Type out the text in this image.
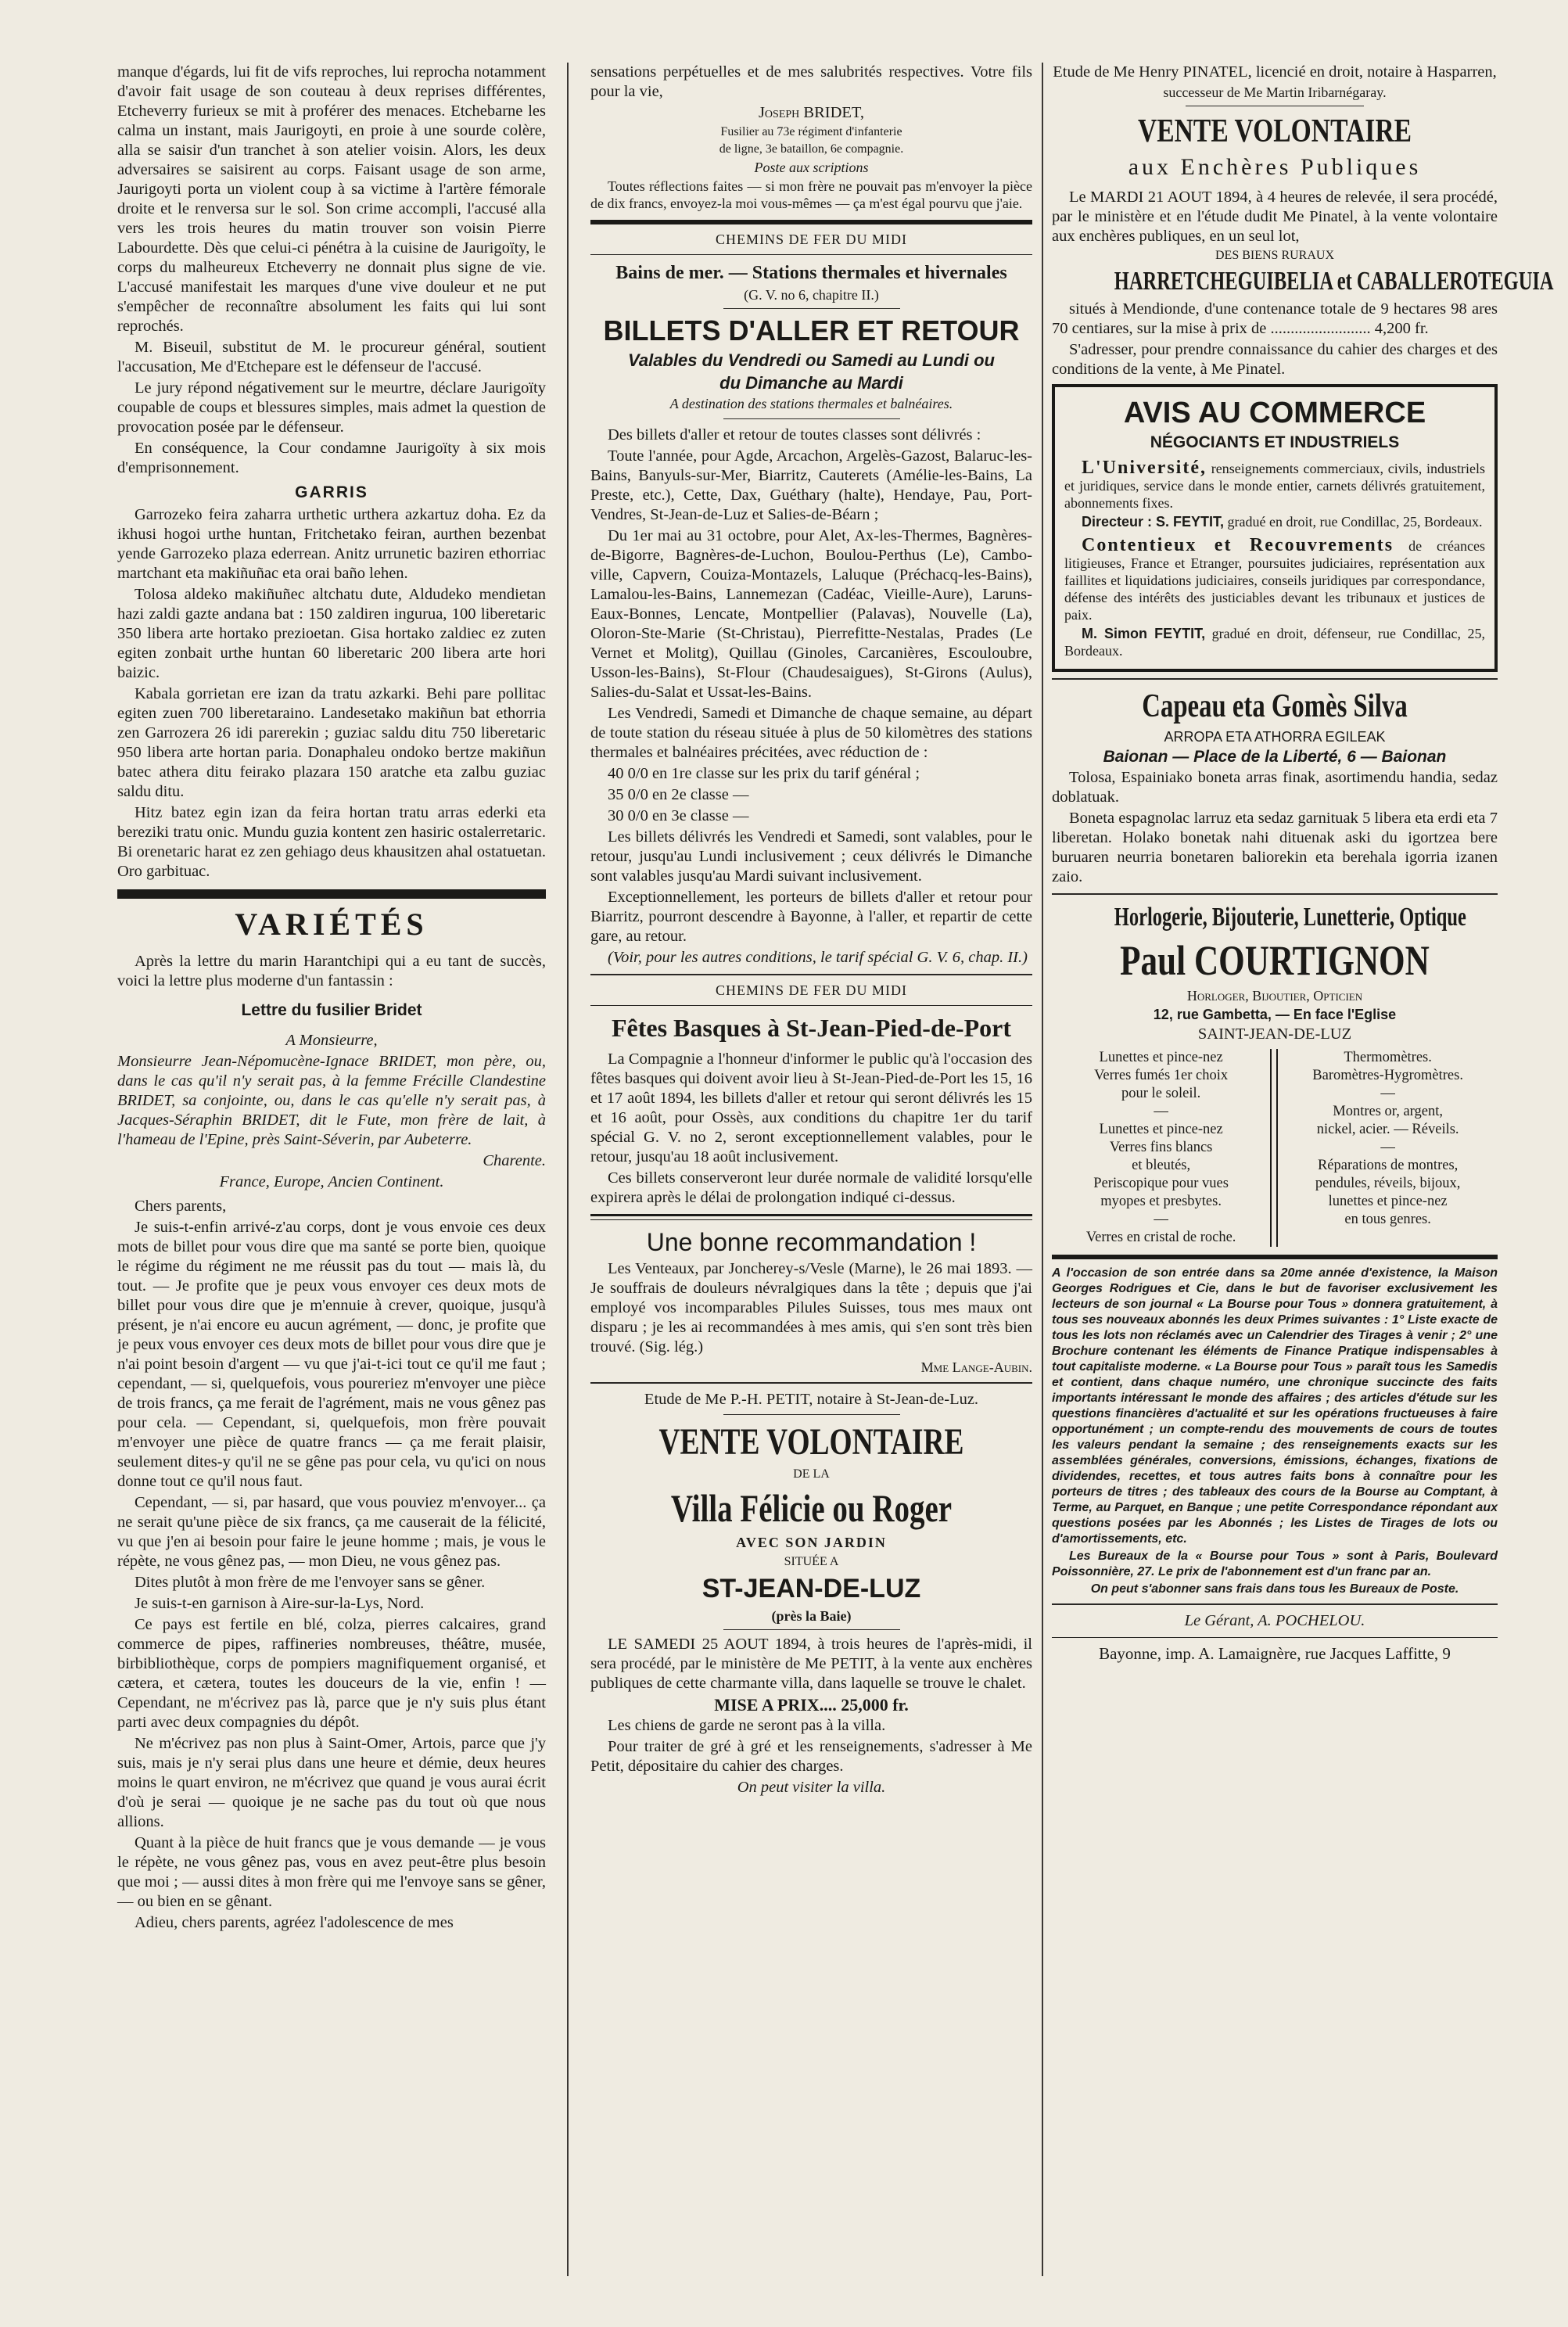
manque d'égards, lui fit de vifs reproches, lui reprocha notamment d'avoir fait usage de son couteau à deux reprises différentes, Etcheverry furieux se mit à proférer des menaces. Etchebarne les calma un instant, mais Jaurigoyti, en proie à une sourde colère, alla se saisir d'un tranchet à son atelier voisin. Alors, les deux adversaires se saisirent au corps. Faisant usage de son arme, Jaurigoyti porta un violent coup à sa victime à l'artère fémorale droite et le renversa sur le sol. Son crime accompli, l'accusé alla vers les trois heures du matin trouver son voisin Pierre Labourdette. Dès que celui-ci pénétra à la cuisine de Jaurigoïty, le corps du malheureux Etcheverry ne donnait plus signe de vie. L'accusé manifestait les marques d'une vive douleur et ne put s'empêcher de reconnaître absolument les faits qui lui sont reprochés.

M. Biseuil, substitut de M. le procureur général, soutient l'accusation, Me d'Etchepare est le défenseur de l'accusé.

Le jury répond négativement sur le meurtre, déclare Jaurigoïty coupable de coups et blessures simples, mais admet la question de provocation posée par le défenseur.

En conséquence, la Cour condamne Jaurigoïty à six mois d'emprisonnement.

GARRIS

Garrozeko feira zaharra urthetic urthera azkartuz doha. Ez da ikhusi hogoi urthe huntan, Fritchetako feiran, aurthen bezenbat yende Garrozeko plaza ederrean. Anitz urrunetic baziren ethorriac martchant eta makiñuñac eta orai baño lehen.

Tolosa aldeko makiñuñec altchatu dute, Aldudeko mendietan hazi zaldi gazte andana bat : 150 zaldiren ingurua, 100 liberetaric 350 libera arte hortako prezioetan. Gisa hortako zaldiec ez zuten egiten zonbait urthe huntan 60 liberetaric 200 libera arte hori baizic.

Kabala gorrietan ere izan da tratu azkarki. Behi pare pollitac egiten zuen 700 liberetaraino. Landesetako makiñun bat ethorria zen Garrozera 26 idi parerekin ; guziac saldu ditu 750 liberetaric 950 libera arte hortan paria. Donaphaleu ondoko bertze makiñun batec athera ditu feirako plazara 150 aratche eta zalbu guziac saldu ditu.

Hitz batez egin izan da feira hortan tratu arras ederki eta bereziki tratu onic. Mundu guzia kontent zen hasiric ostalerretaric. Bi orenetaric harat ez zen gehiago deus khausitzen ahal ostatuetan. Oro garbituac.

VARIÉTÉS

Après la lettre du marin Harantchipi qui a eu tant de succès, voici la lettre plus moderne d'un fantassin :

Lettre du fusilier Bridet

A Monsieurre,

Monsieurre Jean-Népomucène-Ignace BRIDET, mon père, ou, dans le cas qu'il n'y serait pas, à la femme Frécille Clandestine BRIDET, sa conjointe, ou, dans le cas qu'elle n'y serait pas, à Jacques-Séraphin BRIDET, dit le Fute, mon frère de lait, à l'hameau de l'Epine, près Saint-Séverin, par Aubeterre.

Charente.

France, Europe, Ancien Continent.

Chers parents,

Je suis-t-enfin arrivé-z'au corps, dont je vous envoie ces deux mots de billet pour vous dire que ma santé se porte bien, quoique le régime du régiment ne me réussit pas du tout — mais là, du tout. — Je profite que je peux vous envoyer ces deux mots de billet pour vous dire que je m'ennuie à crever, quoique, jusqu'à présent, je n'ai encore eu aucun agrément, — donc, je profite que je peux vous envoyer ces deux mots de billet pour vous dire que je n'ai point besoin d'argent — vu que j'ai-t-ici tout ce qu'il me faut ; cependant, — si, quelquefois, vous poureriez m'envoyer une pièce de trois francs, ça me ferait de l'agrément, mais ne vous gênez pas pour cela. — Cependant, si, quelquefois, mon frère pouvait m'envoyer une pièce de quatre francs — ça me ferait plaisir, seulement dites-y qu'il ne se gêne pas pour cela, vu qu'ici on nous donne tout ce qu'il nous faut.

Cependant, — si, par hasard, que vous pouviez m'envoyer... ça ne serait qu'une pièce de six francs, ça me causerait de la félicité, vu que j'en ai besoin pour faire le jeune homme ; mais, je vous le répète, ne vous gênez pas, — mon Dieu, ne vous gênez pas.

Dites plutôt à mon frère de me l'envoyer sans se gêner.

Je suis-t-en garnison à Aire-sur-la-Lys, Nord.

Ce pays est fertile en blé, colza, pierres calcaires, grand commerce de pipes, raffineries nombreuses, théâtre, musée, birbibliothèque, corps de pompiers magnifiquement organisé, et cætera, et cætera, toutes les douceurs de la vie, enfin ! — Cependant, ne m'écrivez pas là, parce que je n'y suis plus étant parti avec deux compagnies du dépôt.

Ne m'écrivez pas non plus à Saint-Omer, Artois, parce que j'y suis, mais je n'y serai plus dans une heure et démie, deux heures moins le quart environ, ne m'écrivez que quand je vous aurai écrit d'où je serai — quoique je ne sache pas du tout où que nous allions.

Quant à la pièce de huit francs que je vous demande — je vous le répète, ne vous gênez pas, vous en avez peut-être plus besoin que moi ; — aussi dites à mon frère qui me l'envoye sans se gêner, — ou bien en se gênant.

Adieu, chers parents, agréez l'adolescence de mes

sensations perpétuelles et de mes salubrités respectives. Votre fils pour la vie,

Joseph BRIDET,

Fusilier au 73e régiment d'infanterie

de ligne, 3e bataillon, 6e compagnie.

Poste aux scriptions

Toutes réflections faites — si mon frère ne pouvait pas m'envoyer la pièce de dix francs, envoyez-la moi vous-mêmes — ça m'est égal pourvu que j'aie.

CHEMINS DE FER DU MIDI

Bains de mer. — Stations thermales et hivernales

(G. V. no 6, chapitre II.)

BILLETS D'ALLER ET RETOUR

Valables du Vendredi ou Samedi au Lundi ou

du Dimanche au Mardi

A destination des stations thermales et balnéaires.

Des billets d'aller et retour de toutes classes sont délivrés :

Toute l'année, pour Agde, Arcachon, Argelès-Gazost, Balaruc-les-Bains, Banyuls-sur-Mer, Biarritz, Cauterets (Amélie-les-Bains, La Preste, etc.), Cette, Dax, Guéthary (halte), Hendaye, Pau, Port-Vendres, St-Jean-de-Luz et Salies-de-Béarn ;

Du 1er mai au 31 octobre, pour Alet, Ax-les-Thermes, Bagnères-de-Bigorre, Bagnères-de-Luchon, Boulou-Perthus (Le), Cambo-ville, Capvern, Couiza-Montazels, Laluque (Préchacq-les-Bains), Lamalou-les-Bains, Lannemezan (Cadéac, Vieille-Aure), Laruns-Eaux-Bonnes, Lencate, Montpellier (Palavas), Nouvelle (La), Oloron-Ste-Marie (St-Christau), Pierrefitte-Nestalas, Prades (Le Vernet et Molitg), Quillau (Ginoles, Carcanières, Escouloubre, Usson-les-Bains), St-Flour (Chaudesaigues), St-Girons (Aulus), Salies-du-Salat et Ussat-les-Bains.

Les Vendredi, Samedi et Dimanche de chaque semaine, au départ de toute station du réseau située à plus de 50 kilomètres des stations thermales et balnéaires précitées, avec réduction de :

40 0/0 en 1re classe sur les prix du tarif général ;

35 0/0 en 2e classe —

30 0/0 en 3e classe —

Les billets délivrés les Vendredi et Samedi, sont valables, pour le retour, jusqu'au Lundi inclusivement ; ceux délivrés le Dimanche sont valables jusqu'au Mardi suivant inclusivement.

Exceptionnellement, les porteurs de billets d'aller et retour pour Biarritz, pourront descendre à Bayonne, à l'aller, et repartir de cette gare, au retour.

(Voir, pour les autres conditions, le tarif spécial G. V. 6, chap. II.)

CHEMINS DE FER DU MIDI

Fêtes Basques à St-Jean-Pied-de-Port

La Compagnie a l'honneur d'informer le public qu'à l'occasion des fêtes basques qui doivent avoir lieu à St-Jean-Pied-de-Port les 15, 16 et 17 août 1894, les billets d'aller et retour qui seront délivrés les 15 et 16 août, pour Ossès, aux conditions du chapitre 1er du tarif spécial G. V. no 2, seront exceptionnellement valables, pour le retour, jusqu'au 18 août inclusivement.

Ces billets conserveront leur durée normale de validité lorsqu'elle expirera après le délai de prolongation indiqué ci-dessus.

Une bonne recommandation !

Les Venteaux, par Joncherey-s/Vesle (Marne), le 26 mai 1893. — Je souffrais de douleurs névralgiques dans la tête ; depuis que j'ai employé vos incomparables Pilules Suisses, tous mes maux ont disparu ; je les ai recommandées à mes amis, qui s'en sont très bien trouvé. (Sig. lég.)

Mme Lange-Aubin.

Etude de Me P.-H. PETIT, notaire à St-Jean-de-Luz.

VENTE VOLONTAIRE

DE LA

Villa Félicie ou Roger

AVEC SON JARDIN

SITUÉE A

ST-JEAN-DE-LUZ

(près la Baie)

LE SAMEDI 25 AOUT 1894, à trois heures de l'après-midi, il sera procédé, par le ministère de Me PETIT, à la vente aux enchères publiques de cette charmante villa, dans laquelle se trouve le chalet.

MISE A PRIX.... 25,000 fr.

Les chiens de garde ne seront pas à la villa.

Pour traiter de gré à gré et les renseignements, s'adresser à Me Petit, dépositaire du cahier des charges.

On peut visiter la villa.

Etude de Me Henry PINATEL, licencié en droit, notaire à Hasparren,

successeur de Me Martin Iribarnégaray.

VENTE VOLONTAIRE

aux Enchères Publiques

Le MARDI 21 AOUT 1894, à 4 heures de relevée, il sera procédé, par le ministère et en l'étude dudit Me Pinatel, à la vente volontaire aux enchères publiques, en un seul lot,

DES BIENS RURAUX

HARRETCHEGUIBELIA et CABALLEROTEGUIA

situés à Mendionde, d'une contenance totale de 9 hectares 98 ares 70 centiares, sur la mise à prix de ......................... 4,200 fr.

S'adresser, pour prendre connaissance du cahier des charges et des conditions de la vente, à Me Pinatel.

AVIS AU COMMERCE

NÉGOCIANTS ET INDUSTRIELS

L'Université, renseignements commerciaux, civils, industriels et juridiques, service dans le monde entier, carnets délivrés gratuitement, abonnements fixes.

Directeur : S. FEYTIT, gradué en droit, rue Condillac, 25, Bordeaux.

Contentieux et Recouvrements de créances litigieuses, France et Etranger, poursuites judiciaires, représentation aux faillites et liquidations judiciaires, conseils juridiques par correspondance, défense des intérêts des justiciables devant les tribunaux et justices de paix.

M. Simon FEYTIT, gradué en droit, défenseur, rue Condillac, 25, Bordeaux.

Capeau eta Gomès Silva

ARROPA ETA ATHORRA EGILEAK

Baionan — Place de la Liberté, 6 — Baionan

Tolosa, Espainiako boneta arras finak, asortimendu handia, sedaz doblatuak.

Boneta espagnolac larruz eta sedaz garnituak 5 libera eta erdi eta 7 liberetan. Holako bonetak nahi dituenak aski du igortzea bere buruaren neurria bonetaren baliorekin eta berehala igorria izanen zaio.

Horlogerie, Bijouterie, Lunetterie, Optique

Paul COURTIGNON

Horloger, Bijoutier, Opticien

12, rue Gambetta, — En face l'Eglise

SAINT-JEAN-DE-LUZ

Lunettes et pince-nez
Verres fumés 1er choix
pour le soleil.
—
Lunettes et pince-nez
Verres fins blancs
et bleutés,
Periscopique pour vues
myopes et presbytes.
—
Verres en cristal de roche.

Thermomètres.
Baromètres-Hygromètres.
—
Montres or, argent,
nickel, acier. — Réveils.
—
Réparations de montres,
pendules, réveils, bijoux,
lunettes et pince-nez
en tous genres.

A l'occasion de son entrée dans sa 20me année d'existence, la Maison Georges Rodrigues et Cie, dans le but de favoriser exclusivement les lecteurs de son journal « La Bourse pour Tous » donnera gratuitement, à tous ses nouveaux abonnés les deux Primes suivantes : 1° Liste exacte de tous les lots non réclamés avec un Calendrier des Tirages à venir ; 2° une Brochure contenant les éléments de Finance Pratique indispensables à tout capitaliste moderne. « La Bourse pour Tous » paraît tous les Samedis et contient, dans chaque numéro, une chronique succincte des faits importants intéressant le monde des affaires ; des articles d'étude sur les questions financières d'actualité et sur les opérations fructueuses à faire opportunément ; un compte-rendu des mouvements de cours de toutes les valeurs pendant la semaine ; des renseignements exacts sur les assemblées générales, conversions, émissions, échanges, fixations de dividendes, recettes, et tous autres faits bons à connaître pour les porteurs de titres ; des tableaux des cours de la Bourse au Comptant, à Terme, au Parquet, en Banque ; une petite Correspondance répondant aux questions posées par les Abonnés ; les Listes de Tirages de lots ou d'amortissements, etc.

Les Bureaux de la « Bourse pour Tous » sont à Paris, Boulevard Poissonnière, 27. Le prix de l'abonnement est d'un franc par an.

On peut s'abonner sans frais dans tous les Bureaux de Poste.

Le Gérant, A. POCHELOU.

Bayonne, imp. A. Lamaignère, rue Jacques Laffitte, 9
